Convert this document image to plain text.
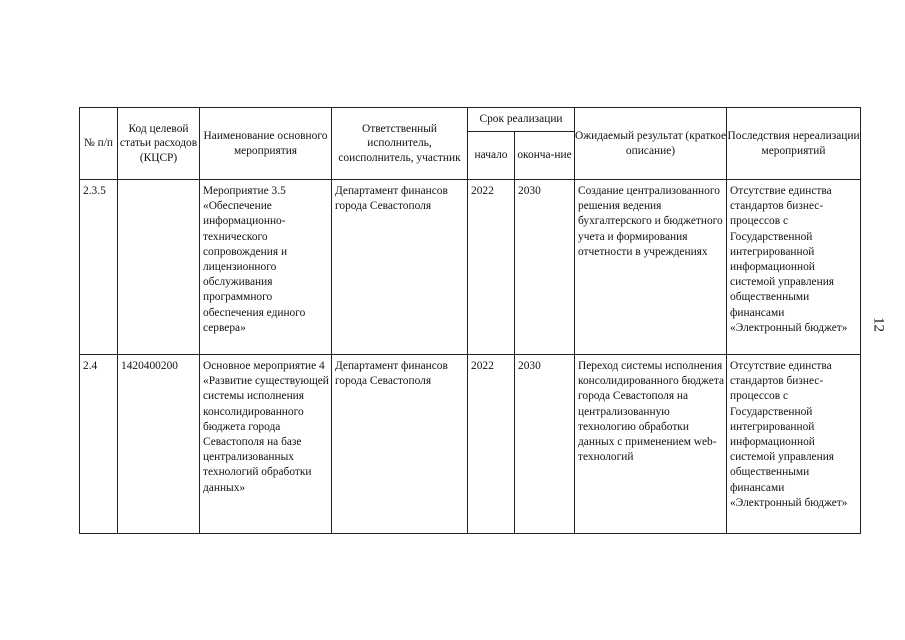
№ п/п	Код целевой статьи расходов (КЦСР)	Наименование основного мероприятия	Ответственный исполнитель, соисполнитель, участник	Срок реализации		Ожидаемый результат (краткое описание)	Последствия нереализации мероприятий
				начало	оконча-ние		
2.3.5		Мероприятие 3.5 «Обеспечение информационно-технического сопровождения и лицензионного обслуживания программного обеспечения единого сервера»	Департамент финансов города Севастополя	2022	2030	Создание централизованного решения ведения бухгалтерского и бюджетного учета и формирования отчетности в учреждениях	Отсутствие единства стандартов бизнес-процессов с Государственной интегрированной информационной системой управления общественными финансами «Электронный бюджет»
2.4	1420400200	Основное мероприятие 4 «Развитие существующей системы исполнения консолидированного бюджета города Севастополя на базе централизованных технологий обработки данных»	Департамент финансов города Севастополя	2022	2030	Переход системы исполнения консолидированного бюджета города Севастополя на централизованную технологию обработки данных с применением web-технологий	Отсутствие единства стандартов бизнес-процессов с Государственной интегрированной информационной системой управления общественными финансами «Электронный бюджет»
12
